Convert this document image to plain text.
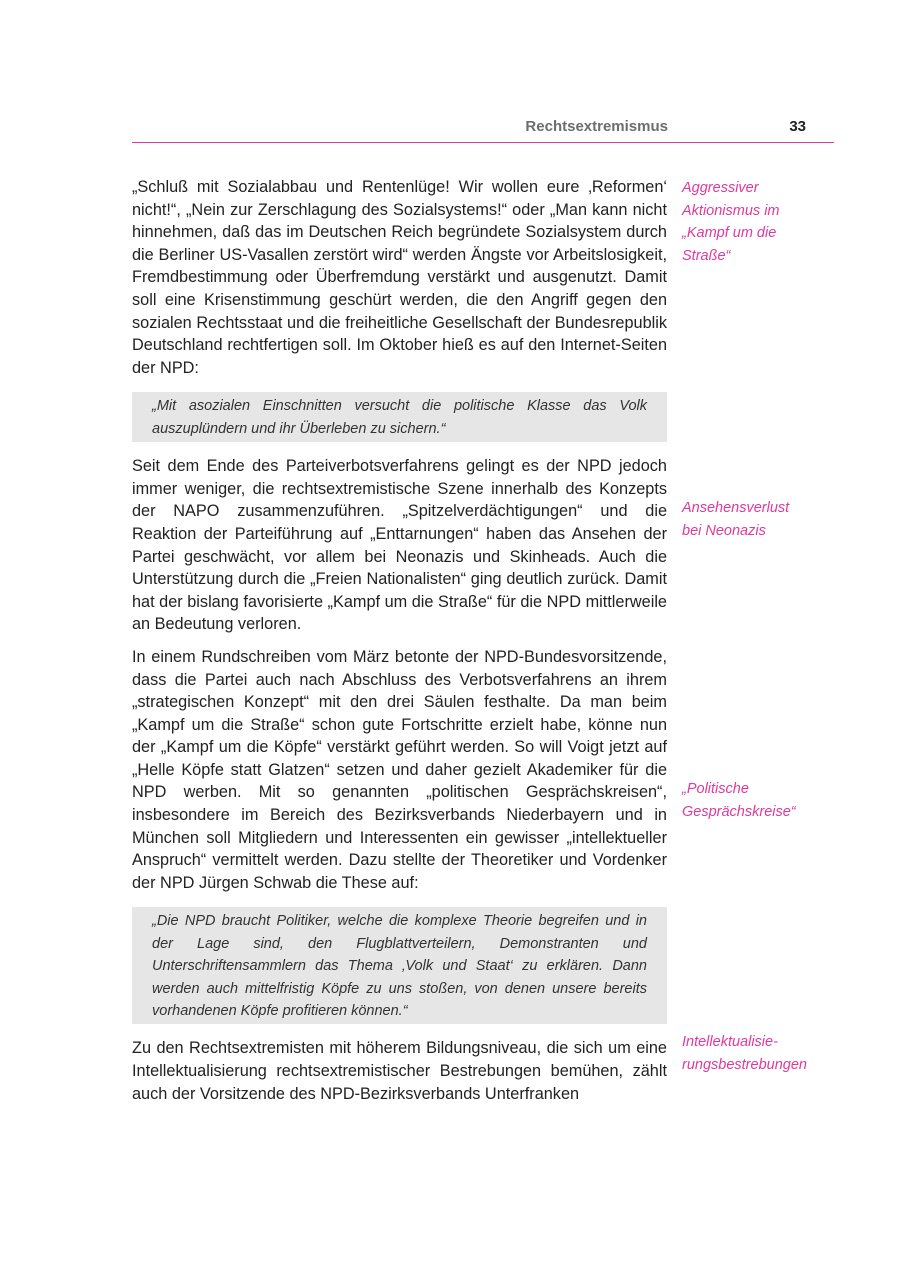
Rechtsextremismus	33

„Schluß mit Sozialabbau und Rentenlüge! Wir wollen eure ‚Reformen‘ nicht!“, „Nein zur Zerschlagung des Sozialsystems!“ oder „Man kann nicht hinnehmen, daß das im Deutschen Reich begründete Sozialsystem durch die Berliner US-Vasallen zerstört wird“ werden Ängste vor Arbeitslosigkeit, Fremdbestimmung oder Überfremdung verstärkt und ausgenutzt. Damit soll eine Krisenstimmung geschürt werden, die den Angriff gegen den sozialen Rechtsstaat und die freiheitliche Gesellschaft der Bundesrepublik Deutschland rechtfertigen soll. Im Oktober hieß es auf den Internet-Seiten der NPD:

„Mit asozialen Einschnitten versucht die politische Klasse das Volk auszuplündern und ihr Überleben zu sichern.“

Seit dem Ende des Parteiverbotsverfahrens gelingt es der NPD jedoch immer weniger, die rechtsextremistische Szene innerhalb des Konzepts der NAPO zusammenzuführen. „Spitzelverdächtigungen“ und die Reaktion der Parteiführung auf „Enttarnungen“ haben das Ansehen der Partei geschwächt, vor allem bei Neonazis und Skinheads. Auch die Unterstützung durch die „Freien Nationalisten“ ging deutlich zurück. Damit hat der bislang favorisierte „Kampf um die Straße“ für die NPD mittlerweile an Bedeutung verloren.

In einem Rundschreiben vom März betonte der NPD-Bundesvorsitzende, dass die Partei auch nach Abschluss des Verbotsverfahrens an ihrem „strategischen Konzept“ mit den drei Säulen festhalte. Da man beim „Kampf um die Straße“ schon gute Fortschritte erzielt habe, könne nun der „Kampf um die Köpfe“ verstärkt geführt werden. So will Voigt jetzt auf „Helle Köpfe statt Glatzen“ setzen und daher gezielt Akademiker für die NPD werben. Mit so genannten „politischen Gesprächskreisen“, insbesondere im Bereich des Bezirksverbands Niederbayern und in München soll Mitgliedern und Interessenten ein gewisser „intellektueller Anspruch“ vermittelt werden. Dazu stellte der Theoretiker und Vordenker der NPD Jürgen Schwab die These auf:

„Die NPD braucht Politiker, welche die komplexe Theorie begreifen und in der Lage sind, den Flugblattverteilern, Demonstranten und Unterschriftensammlern das Thema ‚Volk und Staat‘ zu erklären. Dann werden auch mittelfristig Köpfe zu uns stoßen, von denen unsere bereits vorhandenen Köpfe profitieren können.“

Zu den Rechtsextremisten mit höherem Bildungsniveau, die sich um eine Intellektualisierung rechtsextremistischer Bestrebungen bemühen, zählt auch der Vorsitzende des NPD-Bezirksverbands Unterfranken

Aggressiver
Aktionismus im
„Kampf um die
Straße“
Ansehensverlust
bei Neonazis
„Politische
Gesprächskreise“
Intellektualisie-
rungsbestrebungen
